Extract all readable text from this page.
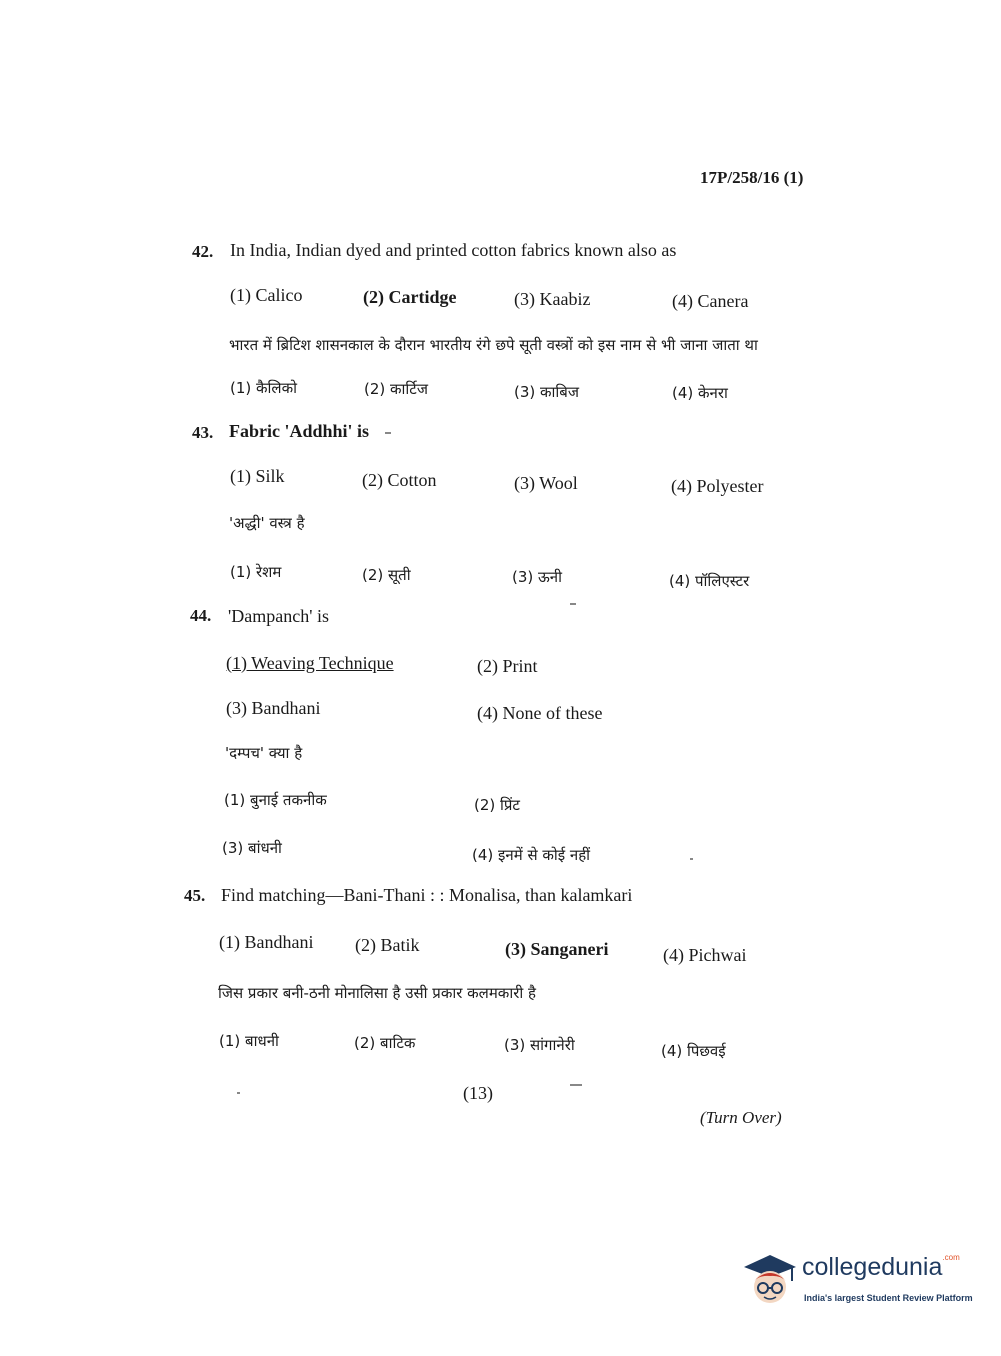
17P/258/16 (1)
42. In India, Indian dyed and printed cotton fabrics known also as
(1) Calico	(2) Cartidge	(3) Kaabiz	(4) Canera
भारत में ब्रिटिश शासनकाल के दौरान भारतीय रंगे छपे सूती वस्त्रों को इस नाम से भी जाना जाता था
(1) कैलिको	(2) कार्टिज	(3) काबिज	(4) केनरा
43. Fabric 'Addhhi' is
(1) Silk	(2) Cotton	(3) Wool	(4) Polyester
'अद्धी' वस्त्र है
(1) रेशम	(2) सूती	(3) ऊनी	(4) पॉलिएस्टर
44. 'Dampanch' is
(1) Weaving Technique	(2) Print
(3) Bandhani	(4) None of these
'दम्पच' क्या है
(1) बुनाई तकनीक	(2) प्रिंट
(3) बांधनी	(4) इनमें से कोई नहीं
45. Find matching—Bani-Thani : : Monalisa, than kalamkari
(1) Bandhani (2) Batik	(3) Sanganeri	(4) Pichwai
जिस प्रकार बनी-ठनी मोनालिसा है उसी प्रकार कलमकारी है
(1) बाधनी	(2) बाटिक	(3) सांगानेरी	(4) पिछवई
(13)
(Turn Over)
collegedunia$^{.com}$
India's largest Student Review Platform
